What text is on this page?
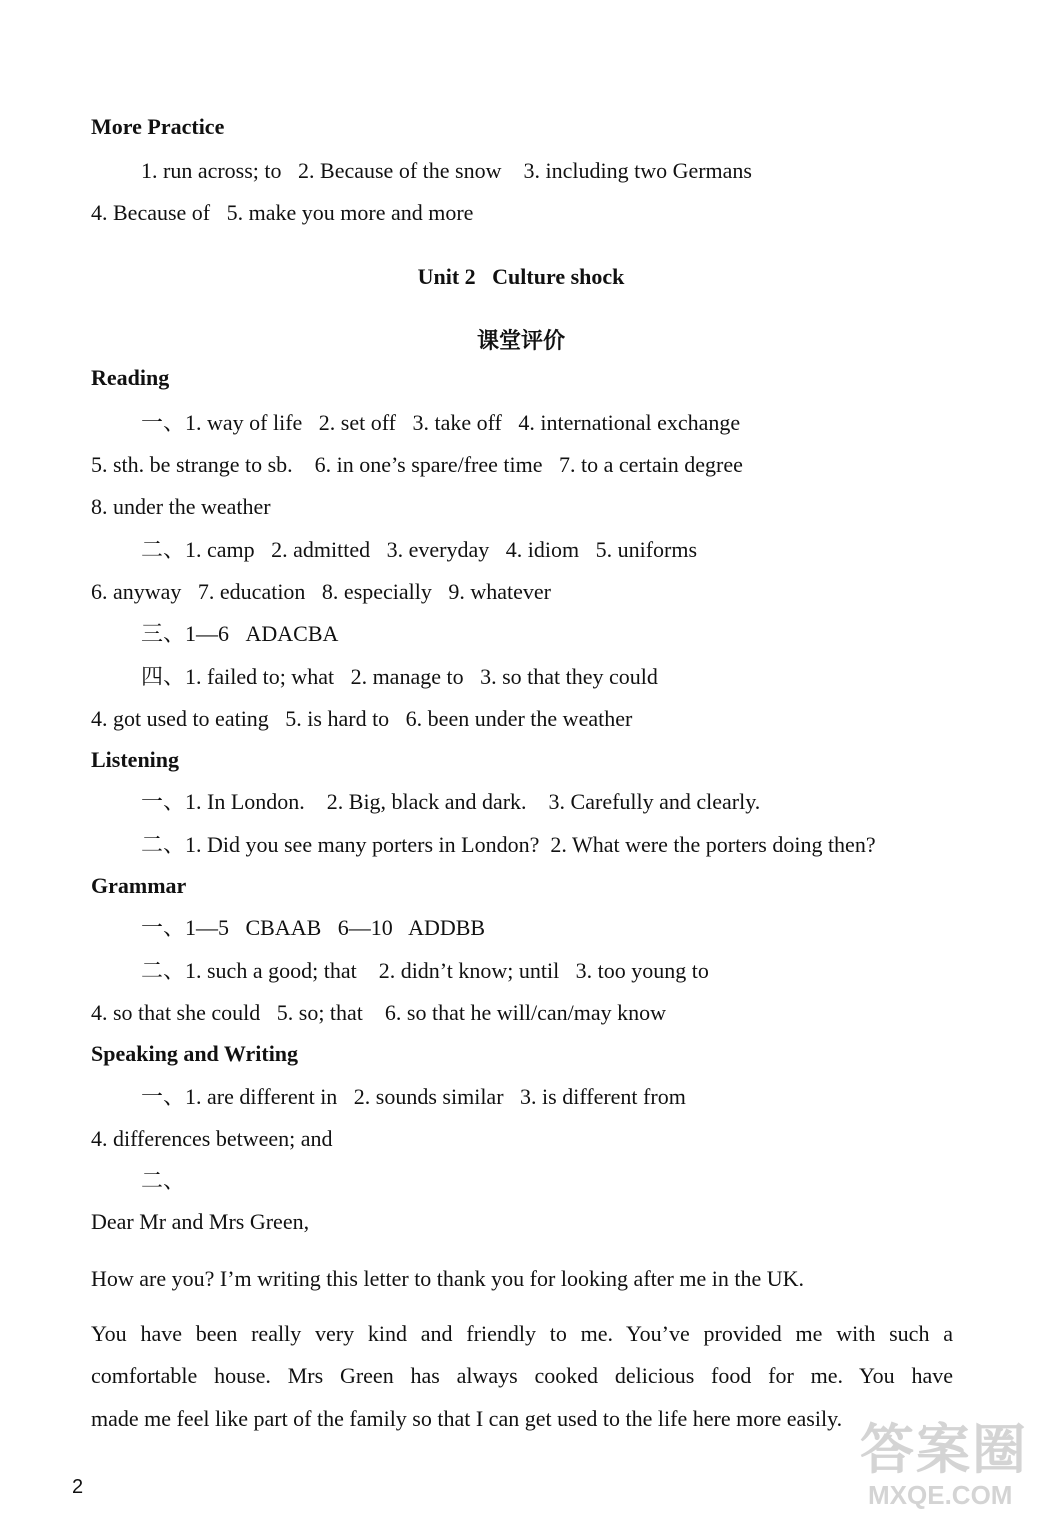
More Practice
1. run across; to   2. Because of the snow    3. including two Germans
4. Because of   5. make you more and more
Unit 2   Culture shock
课堂评价
Reading
一、1. way of life   2. set off   3. take off   4. international exchange
5. sth. be strange to sb.    6. in one’s spare/free time   7. to a certain degree
8. under the weather
二、1. camp   2. admitted   3. everyday   4. idiom   5. uniforms
6. anyway   7. education   8. especially   9. whatever
三、1—6   ADACBA
四、1. failed to; what   2. manage to   3. so that they could
4. got used to eating   5. is hard to   6. been under the weather
Listening
一、1. In London.    2. Big, black and dark.    3. Carefully and clearly.
二、1. Did you see many porters in London?  2. What were the porters doing then?
Grammar
一、1—5   CBAAB   6—10   ADDBB
二、1. such a good; that    2. didn’t know; until   3. too young to
4. so that she could   5. so; that    6. so that he will/can/may know
Speaking and Writing
一、1. are different in   2. sounds similar   3. is different from
4. differences between; and
二、
Dear Mr and Mrs Green,
How are you? I’m writing this letter to thank you for looking after me in the UK.
You have been really very kind and friendly to me. You’ve provided me with such a
comfortable house. Mrs Green has always cooked delicious food for me. You have
made me feel like part of the family so that I can get used to the life here more easily.
2
答案圈
MXQE.COM
